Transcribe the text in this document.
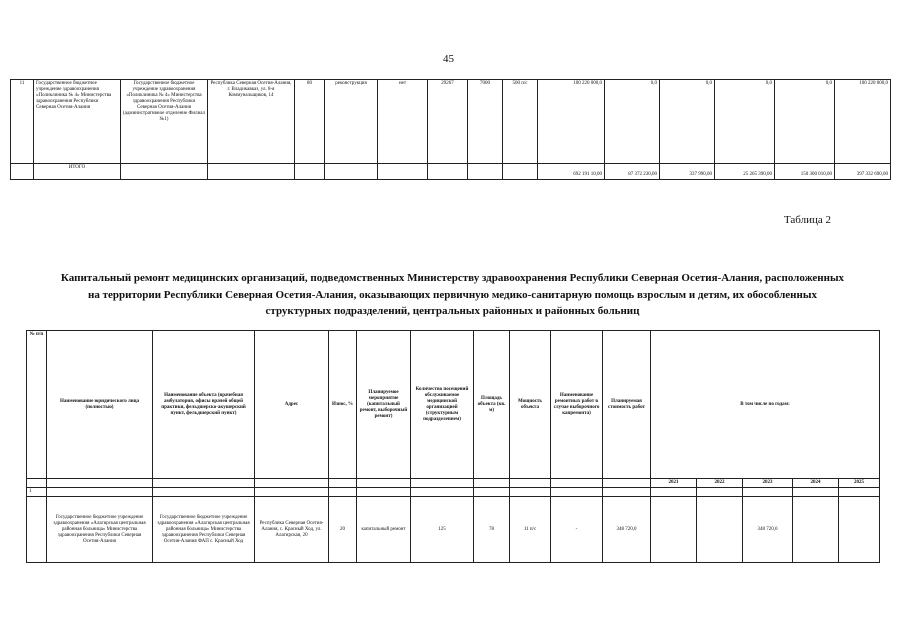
45
11	Государственное бюджетное учреждение здравоохранения «Поликлиника № 4» Министерства здравоохранения Республики Северная Осетия-Алания	Государственное бюджетное учреждение здравоохранения «Поликлиника № 4» Министерства здравоохранения Республики Северная Осетия-Алания (административное отделение Филиал №1)	Республика Северная Осетия-Алания, г. Владикавказ, ул. 8-я Коммунальщиков, 14	80	реконструкция	нет	29267	7000	500 п/с	100 220 000,0	0,0	0,0	0,0	0,0	100 220 000,0
	ИТОГО									692 191 10,00	87 372 230,00	337 990,00	25 265 390,00	150 300 010,00	397 332 690,00
Таблица 2
Капитальный ремонт медицинских организаций, подведомственных Министерству здравоохранения Республики Северная Осетия-Алания, расположенных на территории Республики Северная Осетия-Алания, оказывающих первичную медико-санитарную помощь взрослым и детям, их обособленных структурных подразделений, центральных районных и районных больниц
№ п/п	Наименование юридического лица (полностью)	Наименование объекта (врачебная амбулатория, офисы врачей общей практики, фельдшерско-акушерский пункт, фельдшерский пункт)	Адрес	Износ, %	Планируемое мероприятие (капитальный ремонт, выборочный ремонт)	Количество посещений обслуживаемое медицинской организацией (структурным подразделением)	Площадь объекта (кв. м)	Мощность объекта	Наименование ремонтных работ в случае выборочного капремонта)	Планируемая стоимость работ	В том числе по годам:				
											2021	2022	2023	2024	2025
1															
	Государственное бюджетное учреждение здравоохранения «Алагирская центральная районная больница» Министерства здравоохранения Республики Северная Осетия-Алания	Государственное бюджетное учреждение здравоохранения «Алагирская центральная районная больница» Министерства здравоохранения Республики Северная Осетия-Алания ФАП с. Красный Ход	Республика Северная Осетия-Алания, с. Красный Ход, ул. Алагирская, 20	20	капитальный ремонт	125	78	11 п/с	-	348 720,0			348 720,0		
